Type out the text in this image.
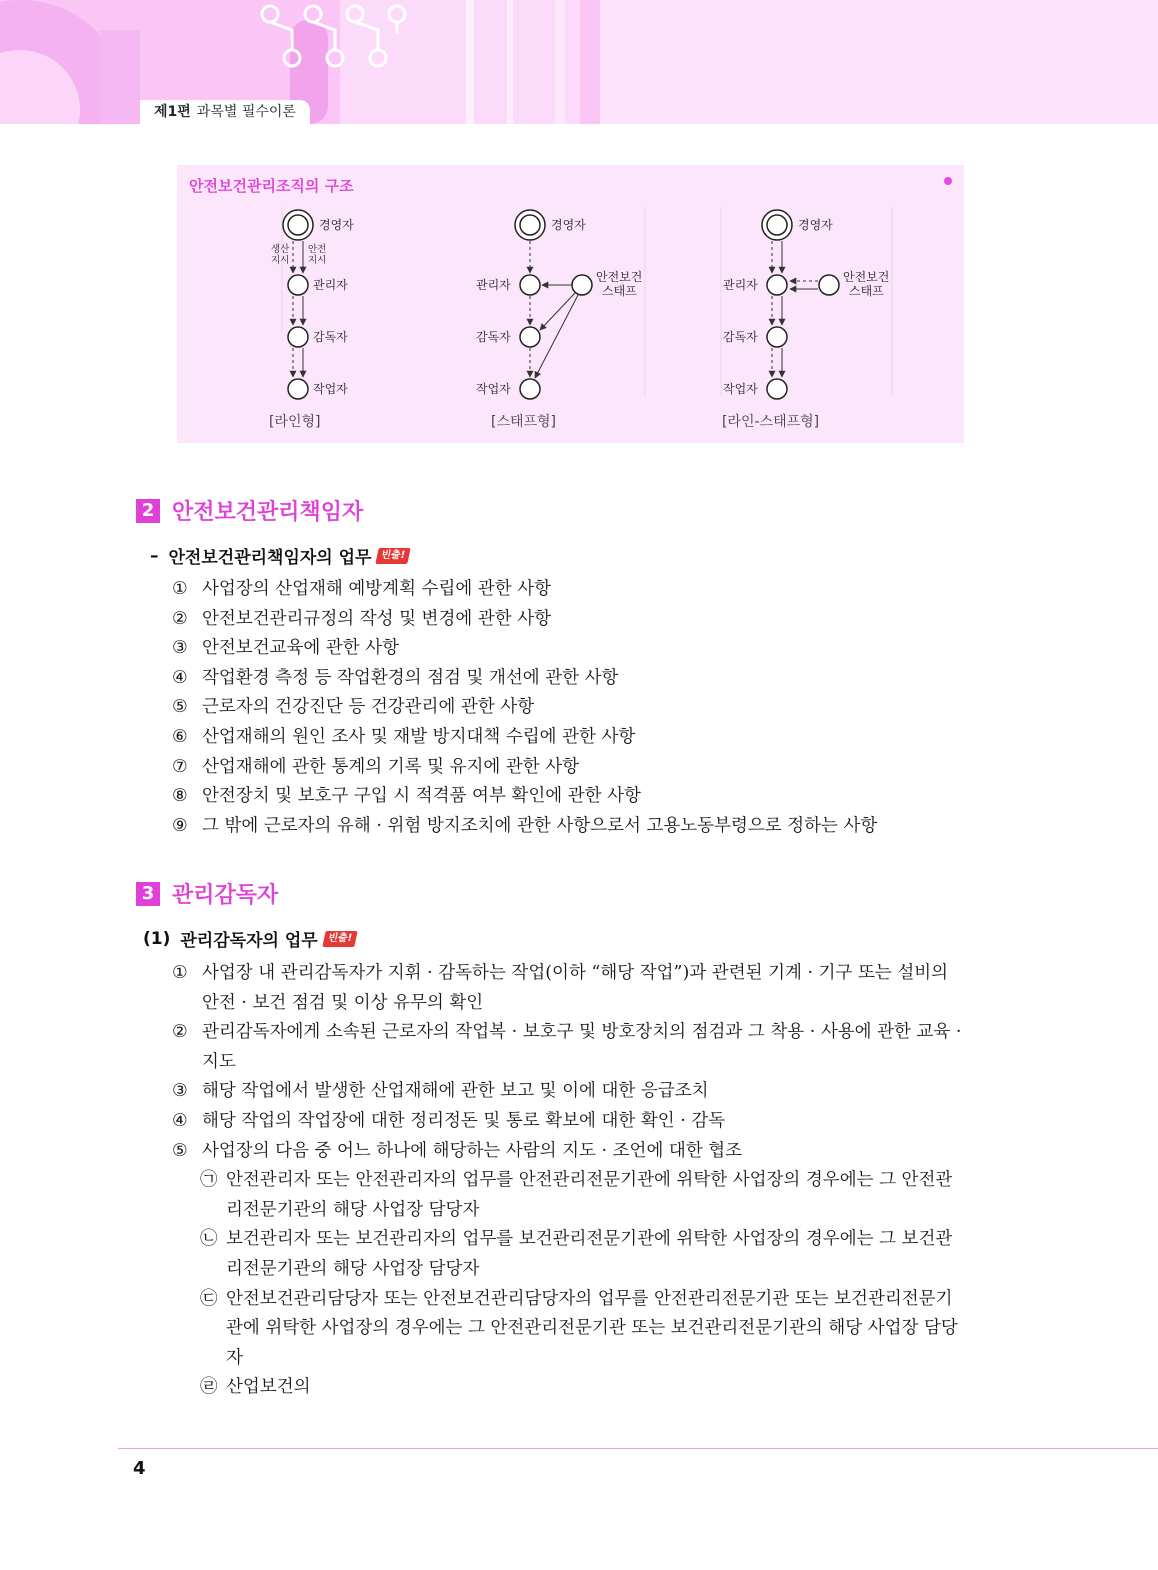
제1편 과목별 필수이론
안전보건관리조직의 구조
경영자
생산
지시
안전
지시
관리자
감독자
작업자
[라인형]
경영자
관리자
감독자
작업자
안전보건
스태프
[스태프형]
경영자
관리자
감독자
작업자
안전보건
스태프
[라인-스태프형]
2 안전보건관리책임자
– 안전보건관리책임자의 업무 빈출!
① 사업장의 산업재해 예방계획 수립에 관한 사항
② 안전보건관리규정의 작성 및 변경에 관한 사항
③ 안전보건교육에 관한 사항
④ 작업환경 측정 등 작업환경의 점검 및 개선에 관한 사항
⑤ 근로자의 건강진단 등 건강관리에 관한 사항
⑥ 산업재해의 원인 조사 및 재발 방지대책 수립에 관한 사항
⑦ 산업재해에 관한 통계의 기록 및 유지에 관한 사항
⑧ 안전장치 및 보호구 구입 시 적격품 여부 확인에 관한 사항
⑨ 그 밖에 근로자의 유해 · 위험 방지조치에 관한 사항으로서 고용노동부령으로 정하는 사항
3 관리감독자
(1) 관리감독자의 업무 빈출!
① 사업장 내 관리감독자가 지휘 · 감독하는 작업(이하 “해당 작업”)과 관련된 기계 · 기구 또는 설비의 안전 · 보건 점검 및 이상 유무의 확인
② 관리감독자에게 소속된 근로자의 작업복 · 보호구 및 방호장치의 점검과 그 착용 · 사용에 관한 교육 · 지도
③ 해당 작업에서 발생한 산업재해에 관한 보고 및 이에 대한 응급조치
④ 해당 작업의 작업장에 대한 정리정돈 및 통로 확보에 대한 확인 · 감독
⑤ 사업장의 다음 중 어느 하나에 해당하는 사람의 지도 · 조언에 대한 협조
㉠ 안전관리자 또는 안전관리자의 업무를 안전관리전문기관에 위탁한 사업장의 경우에는 그 안전관리전문기관의 해당 사업장 담당자
㉡ 보건관리자 또는 보건관리자의 업무를 보건관리전문기관에 위탁한 사업장의 경우에는 그 보건관리전문기관의 해당 사업장 담당자
㉢ 안전보건관리담당자 또는 안전보건관리담당자의 업무를 안전관리전문기관 또는 보건관리전문기관에 위탁한 사업장의 경우에는 그 안전관리전문기관 또는 보건관리전문기관의 해당 사업장 담당자
㉣ 산업보건의
4
